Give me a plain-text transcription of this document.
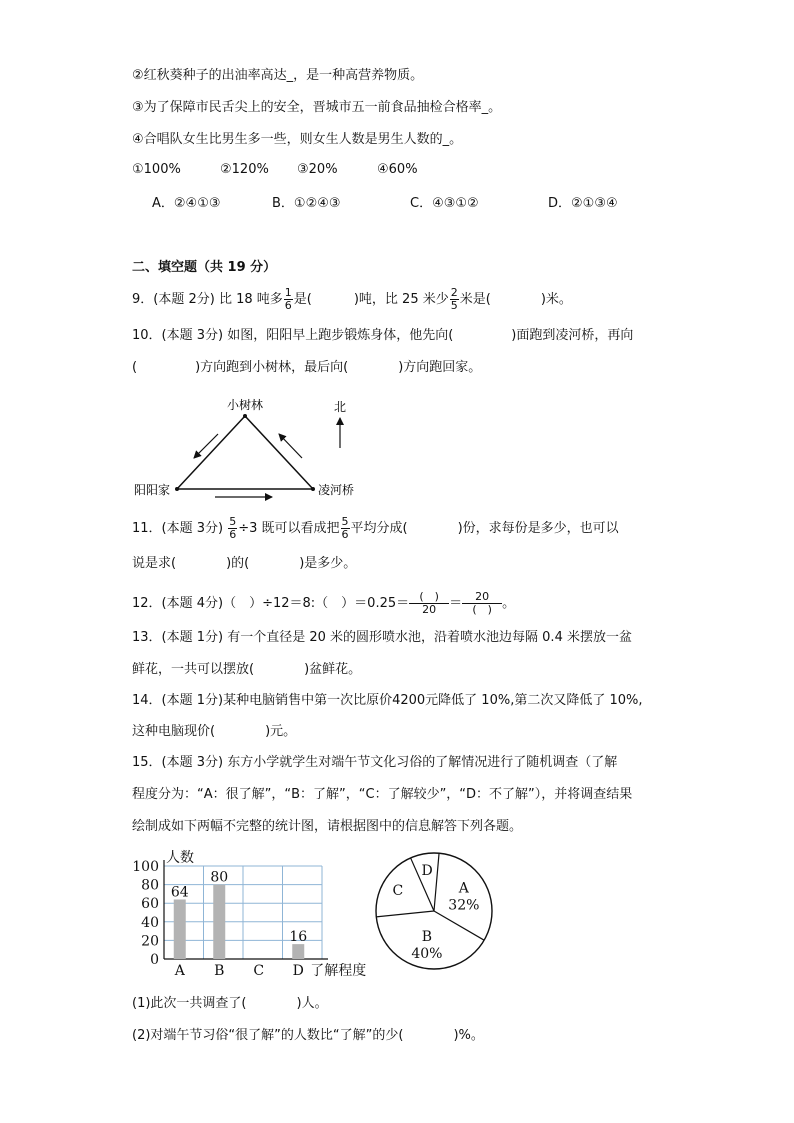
②红秋葵种子的出油率高达_，是一种高营养物质。
③为了保障市民舌尖上的安全，晋城市五一前食品抽检合格率_。
④合唱队女生比男生多一些，则女生人数是男生人数的_。
①100%	②120% ③20%	④60%
A．②④①③	B．①②④③	C．④③①②	D．②①③④
二、填空题（共 19 分）
9．(本题 2分) 比 18 吨多 $\frac{1}{6}$ 是(	)吨，比 25 米少 $\frac{2}{5}$ 米是(	)米。
10．(本题 3分) 如图，阳阳早上跑步锻炼身体，他先向(	)面跑到凌河桥，再向
(	)方向跑到小树林，最后向(	)方向跑回家。
小树林
阳阳家	凌河桥
北
11．(本题 3分) $\frac{5}{6} \div 3$ 既可以看成把 $\frac{5}{6}$ 平均分成(	)份，求每份是多少，也可以
说是求(	)的(	)是多少。
12．(本题 4分)（　）÷12＝8:（　）$=0.25= \frac{( )}{20} = \frac{20}{( )}$ 。
13．(本题 1分) 有一个直径是 20 米的圆形喷水池，沿着喷水池边每隔 0.4 米摆放一盆
鲜花，一共可以摆放(	)盆鲜花。
14．(本题 1分)某种电脑销售中第一次比原价4200元降低了 10%,第二次又降低了 10%,
这种电脑现价(	)元。
15．(本题 3分) 东方小学就学生对端午节文化习俗的了解情况进行了随机调查（了解
程度分为：“A：很了解”，“B：了解”，“C：了解较少”，“D：不了解”），并将调查结果
绘制成如下两幅不完整的统计图，请根据图中的信息解答下列各题。
0
20
40
60
80
100
64
A
80
B C
16
D
人数
了解程度
A
32%
B
40%
C
D
(1)此次一共调查了(	)人。
(2)对端午节习俗“很了解”的人数比“了解”的少(	)%。
